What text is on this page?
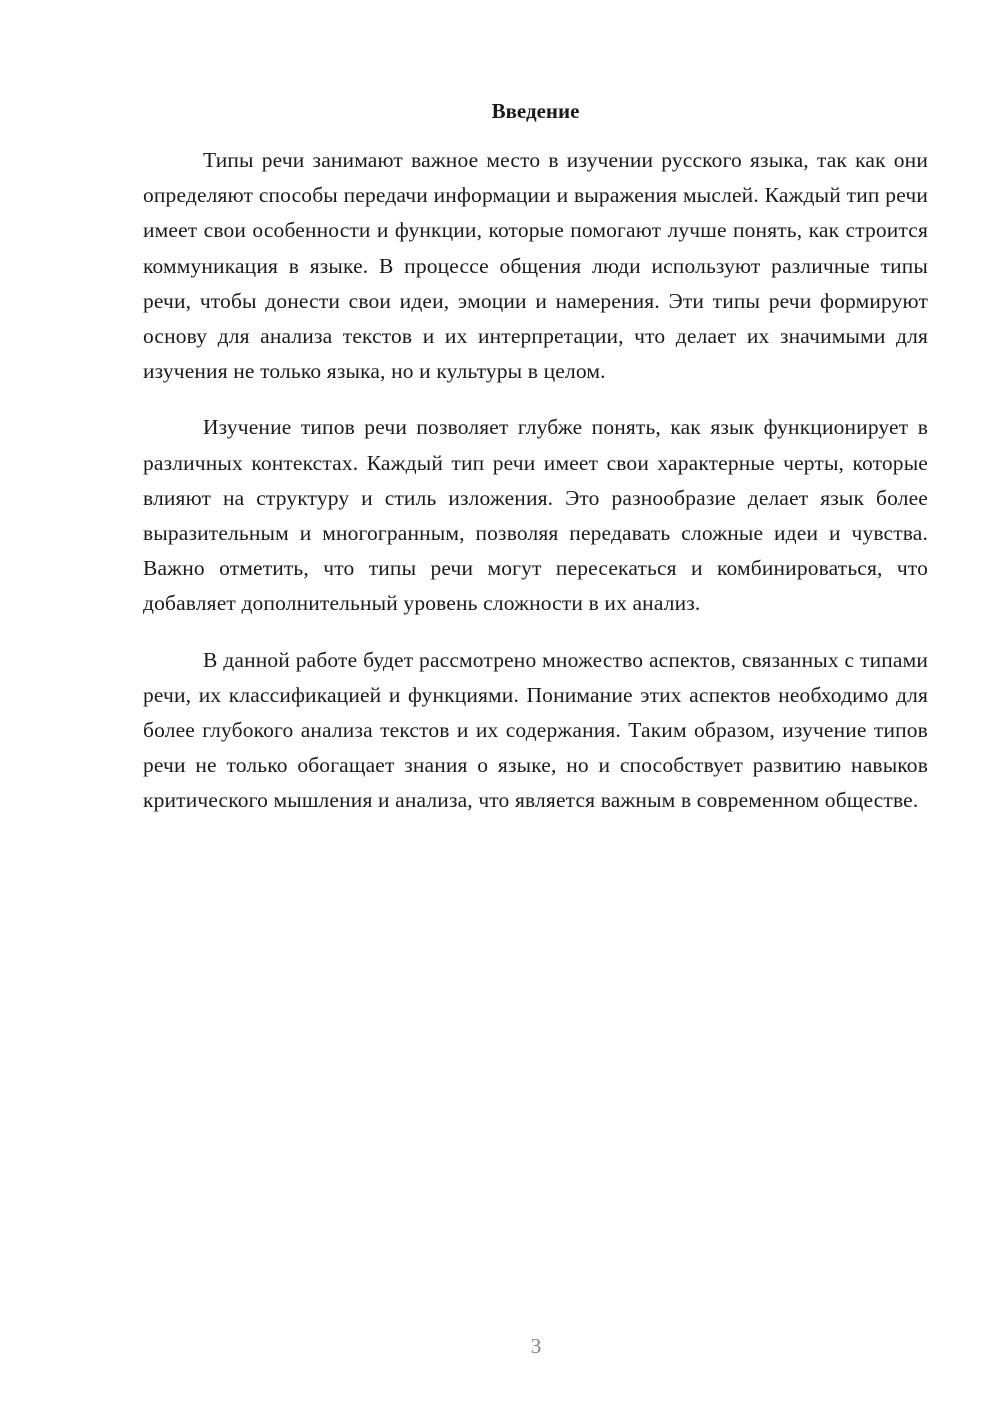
Введение

Типы речи занимают важное место в изучении русского языка, так как они определяют способы передачи информации и выражения мыслей. Каждый тип речи имеет свои особенности и функции, которые помогают лучше понять, как строится коммуникация в языке. В процессе общения люди используют различные типы речи, чтобы донести свои идеи, эмоции и намерения. Эти типы речи формируют основу для анализа текстов и их интерпретации, что делает их значимыми для изучения не только языка, но и культуры в целом.

Изучение типов речи позволяет глубже понять, как язык функционирует в различных контекстах. Каждый тип речи имеет свои характерные черты, которые влияют на структуру и стиль изложения. Это разнообразие делает язык более выразительным и многогранным, позволяя передавать сложные идеи и чувства. Важно отметить, что типы речи могут пересекаться и комбинироваться, что добавляет дополнительный уровень сложности в их анализ.

В данной работе будет рассмотрено множество аспектов, связанных с типами речи, их классификацией и функциями. Понимание этих аспектов необходимо для более глубокого анализа текстов и их содержания. Таким образом, изучение типов речи не только обогащает знания о языке, но и способствует развитию навыков критического мышления и анализа, что является важным в современном обществе.

3
